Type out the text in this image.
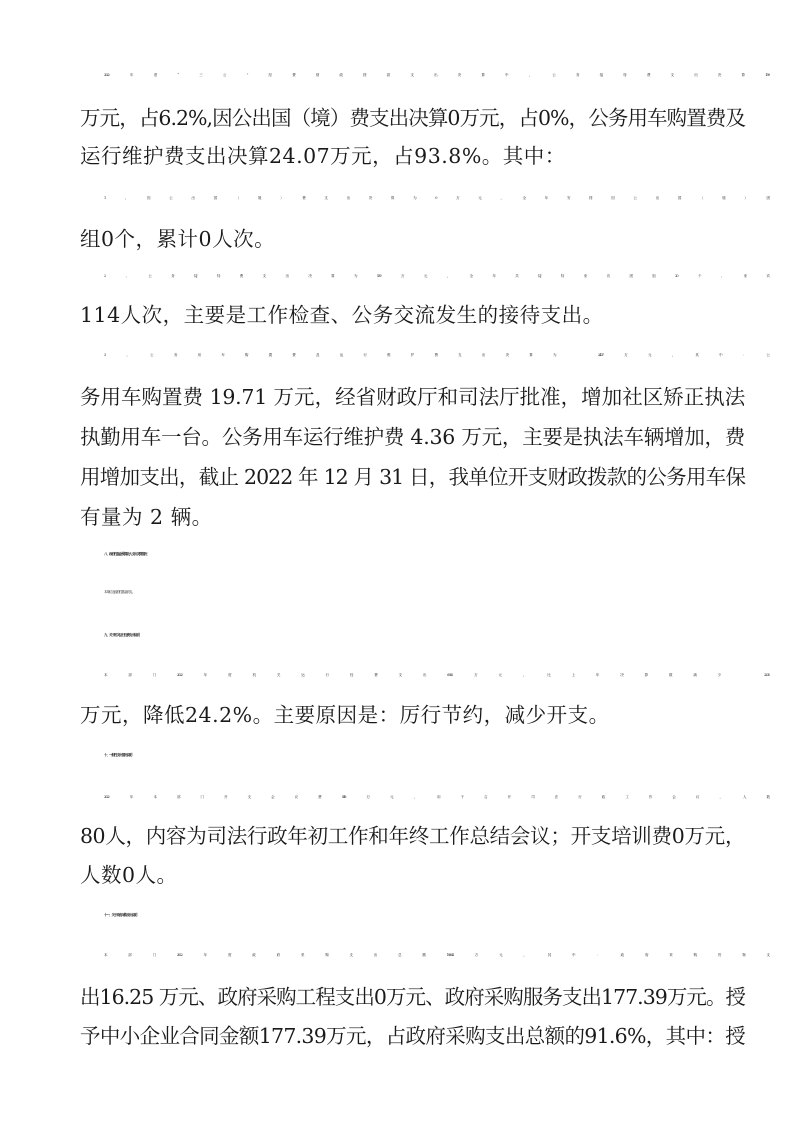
2022年度“三公”经费财政拨款支出决算中，公务接待费支出决算1.59
万元，占6.2%,因公出国（境）费支出决算0万元，占0%，公务用车购置费及
运行维护费支出决算24.07万元，占93.8%。其中：
1、因公出国（境）费支出决算为0万元，全年安排因公出国（境）团
组0个，累计0人次。
2、公务接待费支出决算为1.59万元，全年共接待来访团组20个、来宾
114人次，主要是工作检查、公务交流发生的接待支出。
3、公务用车购置费及运行维护费支出决算为 24.07 万元，其中：公
务用车购置费 19.71 万元，经省财政厅和司法厅批准，增加社区矫正执法
执勤用车一台。公务用车运行维护费 4.36 万元，主要是执法车辆增加，费
用增加支出，截止 2022 年 12 月 31 日，我单位开支财政拨款的公务用车保
有量为 2 辆。
八、政府性基金预算收入支出决算情况
本单位无政府性基金收支。
九、关于机关运行经费支出说明
本部门2022年度机关运行经费支出69.02万元，比上年决算数减少 22.05
万元，降低24.2%。主要原因是：厉行节约，减少开支。
十、一般性支出情况说明
2022年本部门开支会议费0.18万元，用于召开司法行政工作会议，人数
80人，内容为司法行政年初工作和年终工作总结会议；开支培训费0万元，
人数0人。
十一、关于政府采购支出说明
本部门2022年度政府采购支出总额193.64万元，其中：政府采购货物支
出16.25 万元、政府采购工程支出0万元、政府采购服务支出177.39万元。授
予中小企业合同金额177.39万元，占政府采购支出总额的91.6%，其中：授
